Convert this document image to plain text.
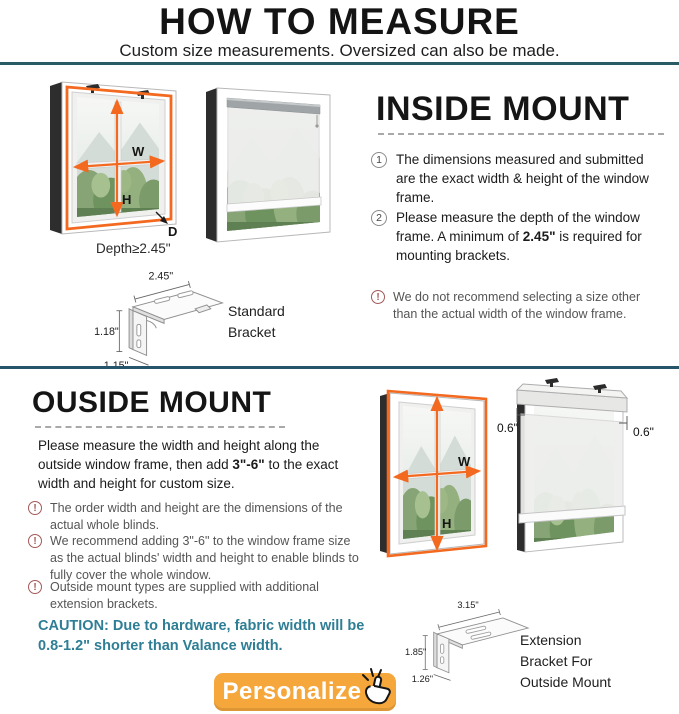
HOW TO MEASURE
Custom size measurements. Oversized can also be made.
W
H
D
Depth≥2.45"
2.45"
1.18"
Standard
Bracket
INSIDE MOUNT
1	The dimensions measured and submitted are the exact width & height of the window frame.
2	Please measure the depth of the window frame. A minimum of 2.45" is required for mounting brackets.
!	We do not recommend selecting a size other than the actual width of the window frame.
OUSIDE MOUNT
Please measure the width and height along the outside window frame, then add 3"-6" to the exact width and height for custom size.
!	The order width and height are the dimensions of the actual whole blinds.
!	We recommend adding 3"-6" to the window frame size as the actual blinds' width and height to enable blinds to fully cover the whole window.
!	Outside mount types are supplied with additional extension brackets.
CAUTION: Due to hardware, fabric width will be 0.8-1.2" shorter than Valance width.
W
H
0.6"	0.6"
3.15"
1.85"
1.26"
Extension
Bracket For
Outside Mount
Personalize
